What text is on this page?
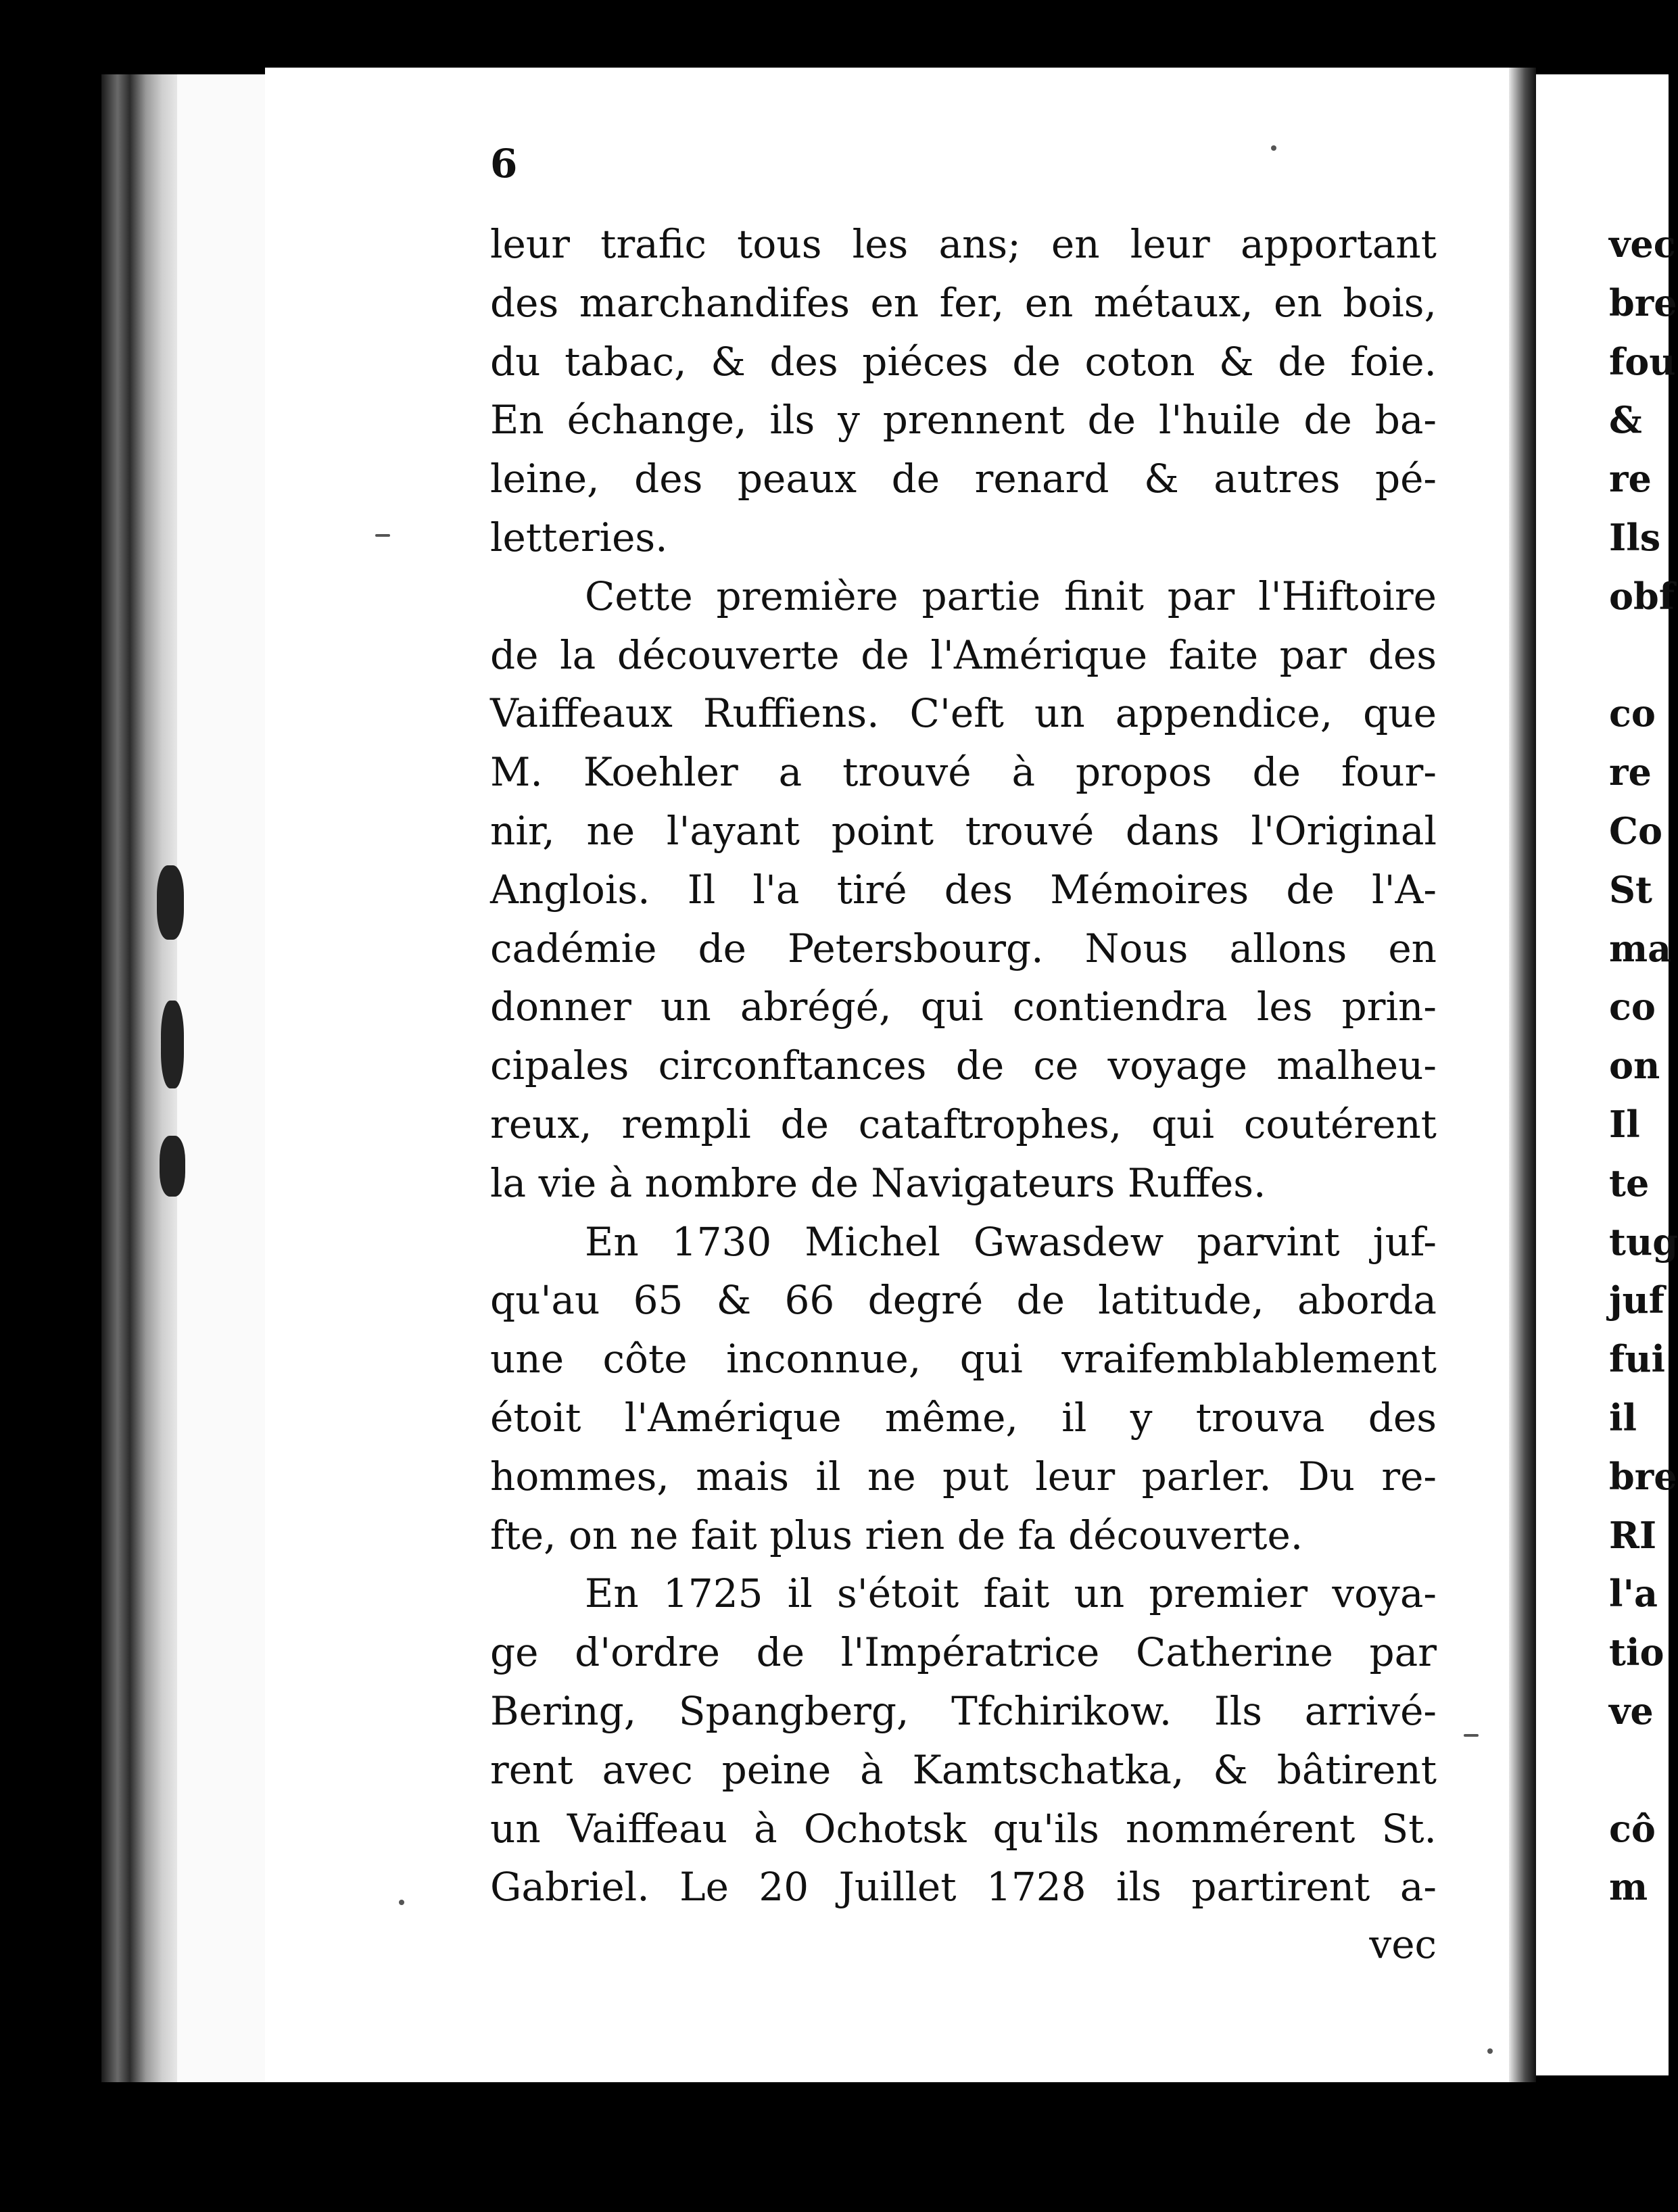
vec
bre
fou
&
re
Ils
obf
co
re
Co
St
ma
co
on
Il
te
tug
juf
fui
il
bre
RI
l'a
tio
ve
cô
m
6
leur trafic tous les ans; en leur apportant
des marchandifes en fer, en métaux, en bois,
du tabac, & des piéces de coton & de foie.
En échange, ils y prennent de l'huile de ba-
leine, des peaux de renard & autres pé-
letteries.
Cette première partie finit par l'Hiftoire
de la découverte de l'Amérique faite par des
Vaiffeaux Ruffiens. C'eft un appendice, que
M. Koehler a trouvé à propos de four-
nir, ne l'ayant point trouvé dans l'Original
Anglois. Il l'a tiré des Mémoires de l'A-
cadémie de Petersbourg. Nous allons en
donner un abrégé, qui contiendra les prin-
cipales circonftances de ce voyage malheu-
reux, rempli de cataftrophes, qui coutérent
la vie à nombre de Navigateurs Ruffes.
En 1730 Michel Gwasdew parvint juf-
qu'au 65 & 66 degré de latitude, aborda
une côte inconnue, qui vraifemblablement
étoit l'Amérique même, il y trouva des
hommes, mais il ne put leur parler. Du re-
fte, on ne fait plus rien de fa découverte.
En 1725 il s'étoit fait un premier voya-
ge d'ordre de l'Impératrice Catherine par
Bering, Spangberg, Tfchirikow. Ils arrivé-
rent avec peine à Kamtschatka, & bâtirent
un Vaiffeau à Ochotsk qu'ils nommérent St.
Gabriel. Le 20 Juillet 1728 ils partirent a-
vec
